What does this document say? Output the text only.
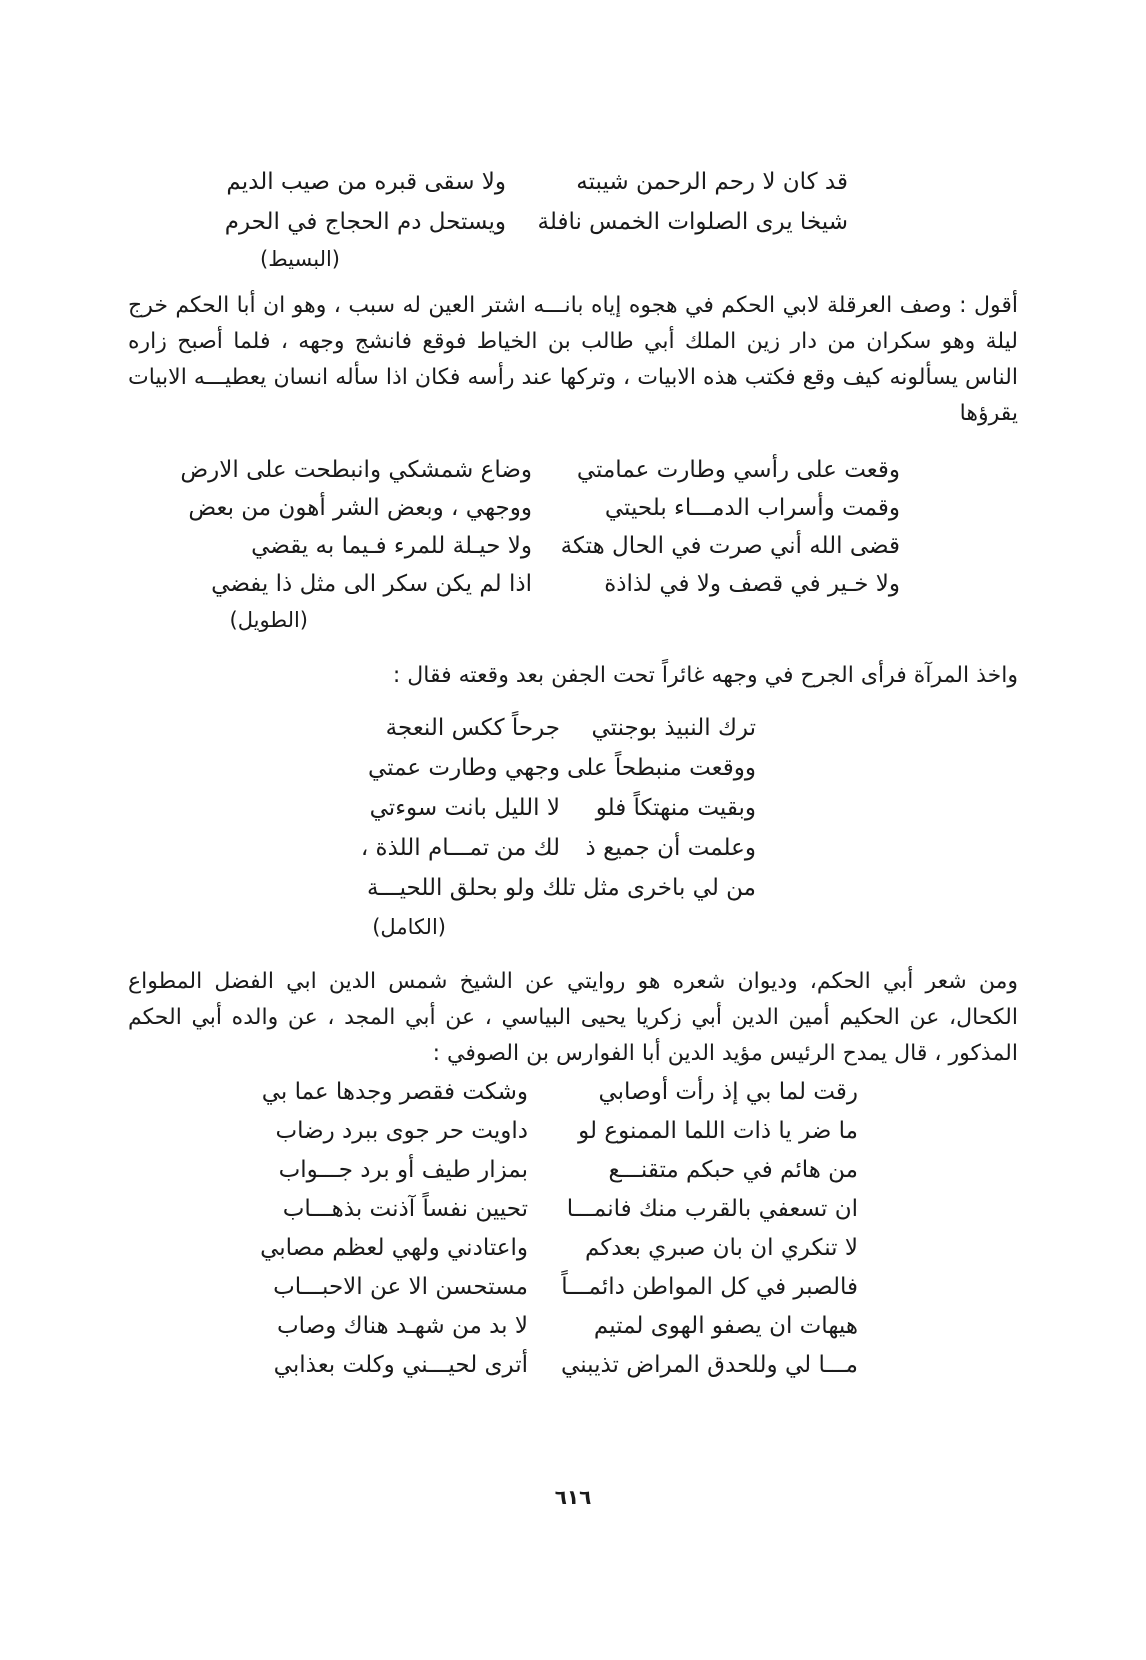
قد كان لا رحم الرحمن شيبته
ولا سقى قبره من صيب الديم
شيخا يرى الصلوات الخمس نافلة
ويستحل دم الحجاج في الحرم
(البسيط)
أقول : وصف العرقلة لابي الحكم في هجوه إياه بانـــه اشتر العين له سبب ، وهو ان أبا الحكم خرج ليلة وهو سكران من دار زين الملك أبي طالب بن الخياط فوقع فانشج وجهه ، فلما أصبح زاره الناس يسألونه كيف وقع فكتب هذه الابيات ، وتركها عند رأسه فكان اذا سأله انسان يعطيـــه الابيات يقرؤها
وقعت على رأسي وطارت عمامتي
وضاع شمشكي وانبطحت على الارض
وقمت وأسراب الدمـــاء بلحيتي
ووجهي ، وبعض الشر أهون من بعض
قضى الله أني صرت في الحال هتكة
ولا حيـلة للمرء فـيما به يقضي
ولا خـير في قصف ولا في لذاذة
اذا لم يكن سكر الى مثل ذا يفضي
(الطويل)
واخذ المرآة فرأى الجرح في وجهه غائراً تحت الجفن بعد وقعته فقال :
ترك النبيذ بوجنتي
جرحاً ككس النعجة
ووقعت منبطحاً على
وجهي وطارت عمتي
وبقيت منهتكاً فلو
لا الليل بانت سوءتي
وعلمت أن جميع ذ
لك من تمـــام اللذة ،
من لي باخرى مثل تلك ولو بحلق اللحيـــة
(الكامل)
ومن شعر أبي الحكم، وديوان شعره هو روايتي عن الشيخ شمس الدين ابي الفضل المطواع الكحال، عن الحكيم أمين الدين أبي زكريا يحيى البياسي ، عن أبي المجد ، عن والده أبي الحكم المذكور ، قال يمدح الرئيس مؤيد الدين أبا الفوارس بن الصوفي :
رقت لما بي إذ رأت أوصابي
وشكت فقصر وجدها عما بي
ما ضر يا ذات اللما الممنوع لو
داويت حر جوى ببرد رضاب
من هائم في حبكم متقنـــع
بمزار طيف أو برد جـــواب
ان تسعفي بالقرب منك فانمـــا
تحيين نفساً آذنت بذهـــاب
لا تنكري ان بان صبري بعدكم
واعتادني ولهي لعظم مصابي
فالصبر في كل المواطن دائمـــاً
مستحسن الا عن الاحبـــاب
هيهات ان يصفو الهوى لمتيم
لا بد من شهـد هناك وصاب
مـــا لي وللحدق المراض تذيبني
أترى لحيـــني وكلت بعذابي
٦١٦
